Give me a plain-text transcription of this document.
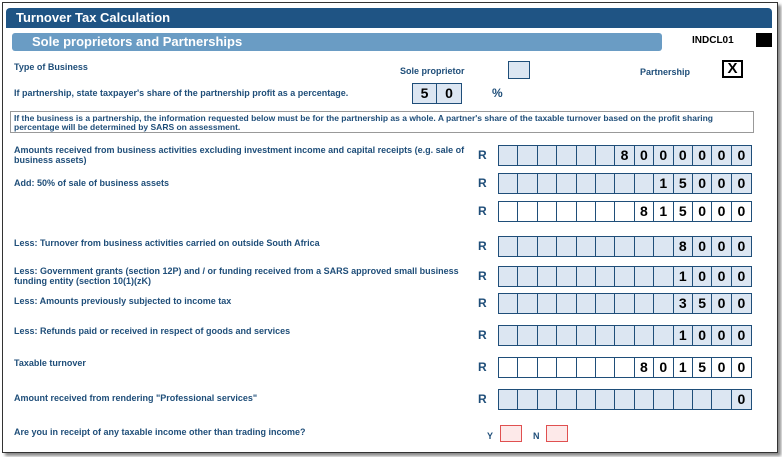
Turnover Tax Calculation
Sole proprietors and Partnerships	INDCL01
Type of Business	Sole proprietor	Partnership	X
If partnership, state taxpayer's share of the partnership profit as a percentage.	5	0	%
If the business is a partnership, the information requested below must be for the partnership as a whole. A partner's share of the taxable turnover based on the profit sharing percentage will be determined by SARS on assessment.
Amounts received from business activities excluding investment income and capital receipts (e.g. sale of business assets)	R	8 0 0 0 0 0 0
Add: 50% of sale of business assets	R	1 5 0 0 0
R	8 1 5 0 0 0
Less: Turnover from business activities carried on outside South Africa	R	8 0 0 0
Less: Government grants (section 12P) and / or funding received from a SARS approved small business funding entity (section 10(1)(zK)	R	1 0 0 0
Less: Amounts previously subjected to income tax	R	3 5 0 0
Less: Refunds paid or received in respect of goods and services	R	1 0 0 0
Taxable turnover	R	8 0 1 5 0 0
Amount received from rendering "Professional services"	R	0
Are you in receipt of any taxable income other than trading income?	Y	N
